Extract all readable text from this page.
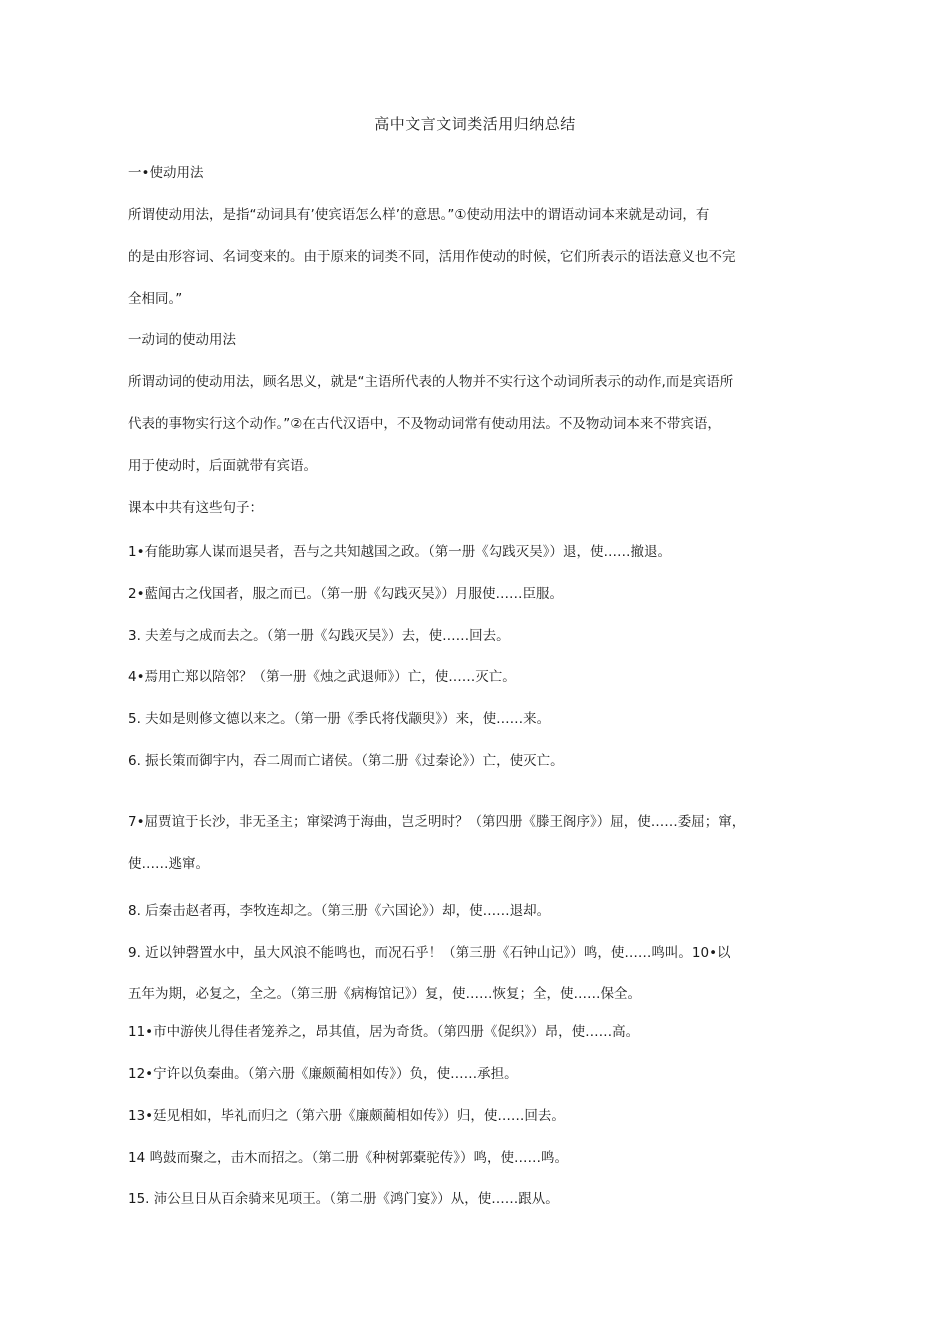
高中文言文词类活用归纳总结
一•使动用法
所谓使动用法，是指“动词具有’使宾语怎么样’的意思。”①使动用法中的谓语动词本来就是动词，有
的是由形容词、名词变来的。由于原来的词类不同，活用作使动的时候，它们所表示的语法意义也不完
全相同。”
一动词的使动用法
所谓动词的使动用法，顾名思义，就是“主语所代表的人物并不实行这个动词所表示的动作,而是宾语所
代表的事物实行这个动作。”②在古代汉语中，不及物动词常有使动用法。不及物动词本来不带宾语，
用于使动时，后面就带有宾语。
课本中共有这些句子：
1•有能助寡人谋而退吴者，吾与之共知越国之政。（第一册《勾践灭吴》）退，使……撤退。
2•藍闻古之伐国者，服之而已。（第一册《勾践灭吴》）月服使……臣服。
3. 夫差与之成而去之。（第一册《勾践灭吴》）去，使……回去。
4•焉用亡郑以陪邻？（第一册《烛之武退师》）亡，使……灭亡。
5. 夫如是则修文德以来之。（第一册《季氏将伐颛臾》）来，使……来。
6. 振长策而御宇内，吞二周而亡诸侯。（第二册《过秦论》）亡，使灭亡。
7•屈贾谊于长沙，非无圣主；窜梁鸿于海曲，岂乏明时？（第四册《滕王阁序》）屈，使……委屈；窜，
使……逃窜。
8. 后秦击赵者再，李牧连却之。（第三册《六国论》）却，使……退却。
9. 近以钟磬置水中，虽大风浪不能鸣也，而况石乎！（第三册《石钟山记》）鸣，使……鸣叫。10•以
五年为期，必复之，全之。（第三册《病梅馆记》）复，使……恢复；全，使……保全。
11•市中游侠儿得佳者笼养之，昂其值，居为奇货。（第四册《促织》）昂，使……高。
12•宁许以负秦曲。（第六册《廉颇蔺相如传》）负，使……承担。
13•廷见相如，毕礼而归之（第六册《廉颇蔺相如传》）归，使……回去。
14 鸣鼓而聚之，击木而招之。（第二册《种树郭橐驼传》）鸣，使……鸣。
15. 沛公旦日从百余骑来见项王。（第二册《鸿门宴》）从，使……跟从。
